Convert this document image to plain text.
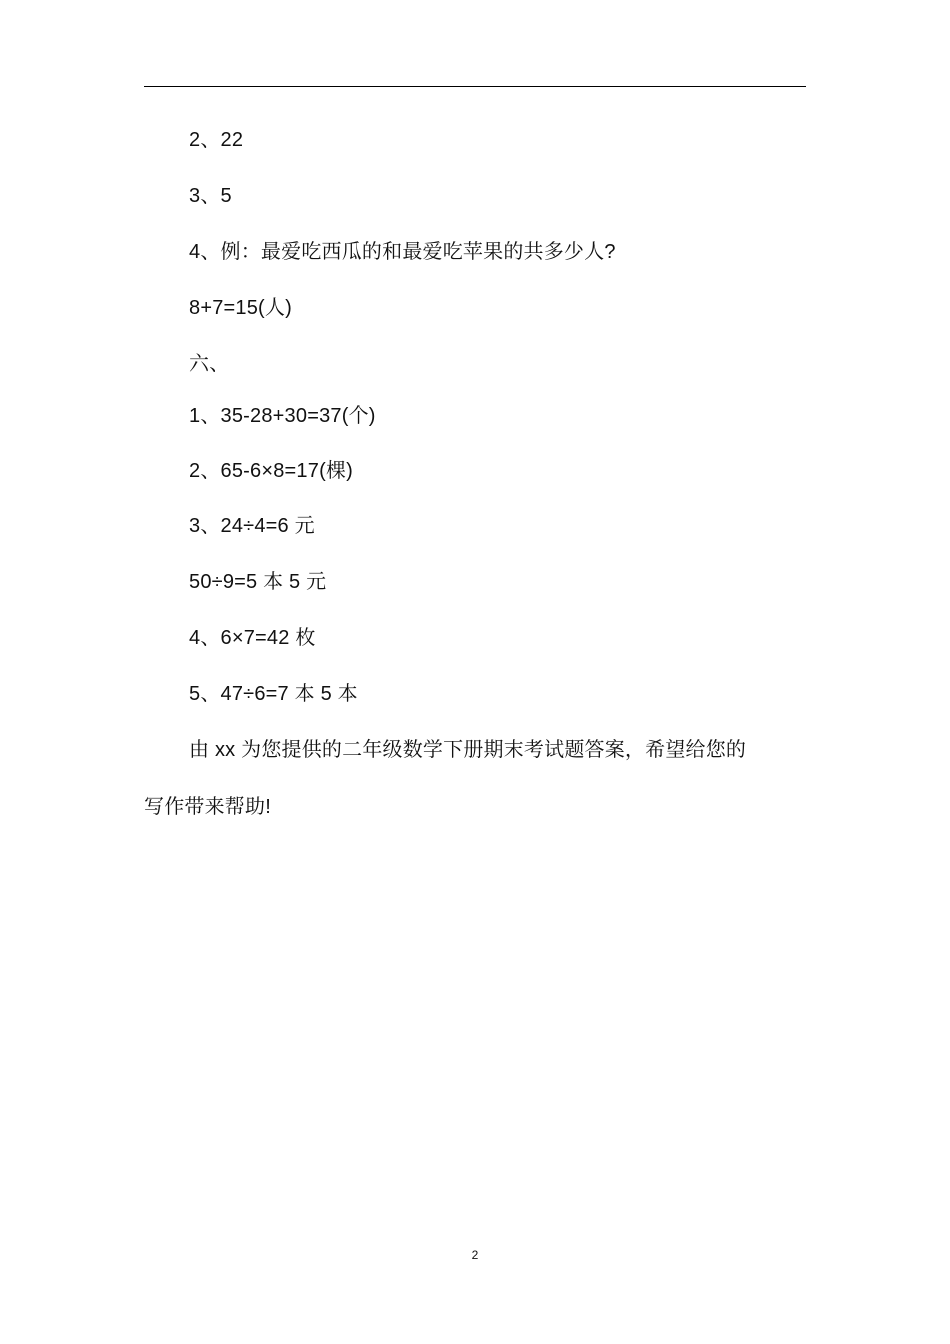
2、22
3、5
4、例：最爱吃西瓜的和最爱吃苹果的共多少人?
8+7=15(人)
六、
1、35-28+30=37(个)
2、65-6×8=17(棵)
3、24÷4=6 元
50÷9=5 本 5 元
4、6×7=42 枚
5、47÷6=7 本 5 本
由 xx 为您提供的二年级数学下册期末考试题答案，希望给您的
写作带来帮助!
2
